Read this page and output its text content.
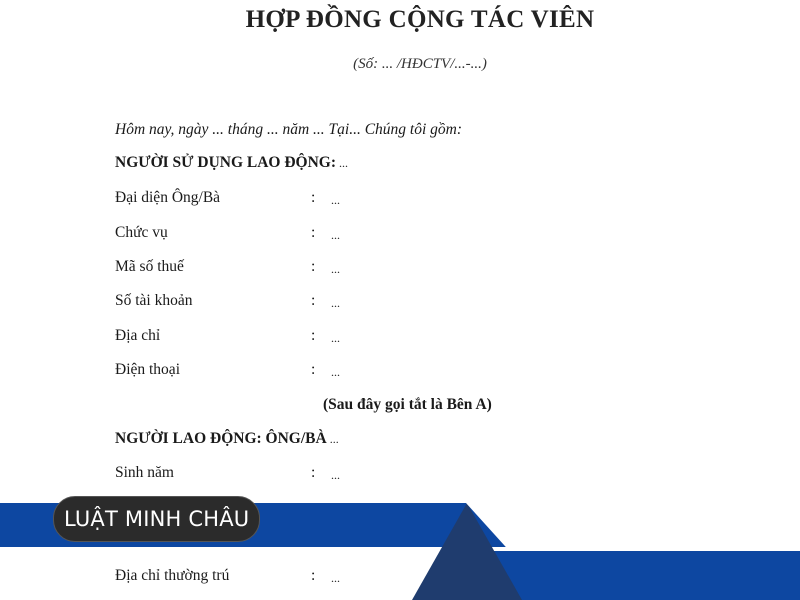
HỢP ĐỒNG CỘNG TÁC VIÊN
(Số: ... /HĐCTV/...-...)
Hôm nay, ngày ... tháng ... năm ... Tại... Chúng tôi gồm:
NGƯỜI SỬ DỤNG LAO ĐỘNG: ...
Đại diện Ông/Bà	: ...
Chức vụ	: ...
Mã số thuế	: ...
Số tài khoản	: ...
Địa chỉ	: ...
Điện thoại	: ...
(Sau đây gọi tắt là Bên A)
NGƯỜI LAO ĐỘNG: ÔNG/BÀ ...
Sinh năm	: ...
Địa chỉ thường trú	: ...
LUẬT MINH CHÂU
